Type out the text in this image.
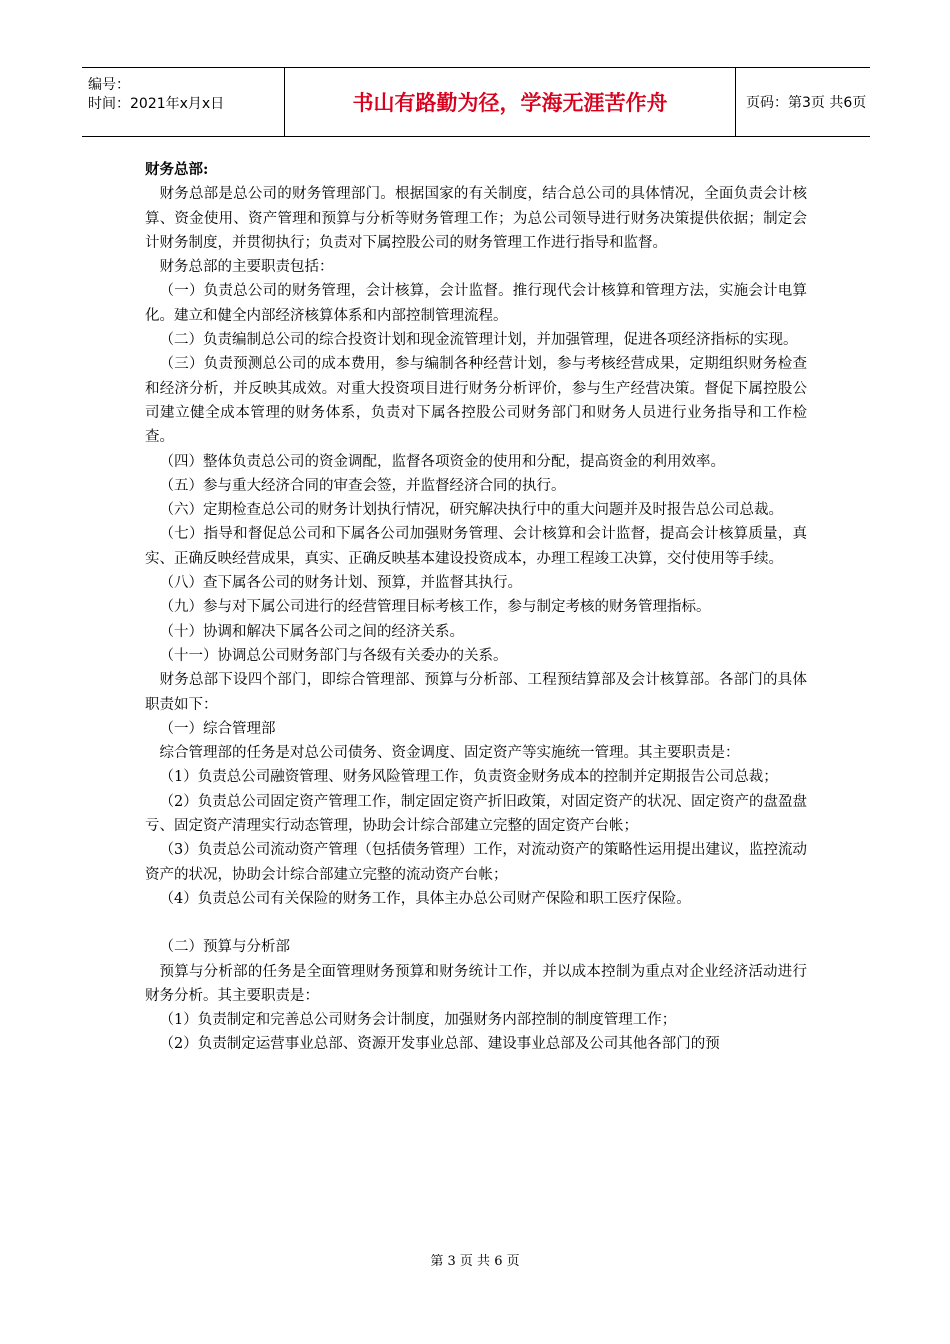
编号：
时间：2021年x月x日	书山有路勤为径，学海无涯苦作舟	页码：第3页 共6页

财务总部:

财务总部是总公司的财务管理部门。根据国家的有关制度，结合总公司的具体情况，全面负责会计核算、资金使用、资产管理和预算与分析等财务管理工作；为总公司领导进行财务决策提供依据；制定会计财务制度，并贯彻执行；负责对下属控股公司的财务管理工作进行指导和监督。

财务总部的主要职责包括：

（一）负责总公司的财务管理，会计核算，会计监督。推行现代会计核算和管理方法，实施会计电算化。建立和健全内部经济核算体系和内部控制管理流程。

（二）负责编制总公司的综合投资计划和现金流管理计划，并加强管理，促进各项经济指标的实现。

（三）负责预测总公司的成本费用，参与编制各种经营计划，参与考核经营成果，定期组织财务检查和经济分析，并反映其成效。对重大投资项目进行财务分析评价，参与生产经营决策。督促下属控股公司建立健全成本管理的财务体系，负责对下属各控股公司财务部门和财务人员进行业务指导和工作检查。

（四）整体负责总公司的资金调配，监督各项资金的使用和分配，提高资金的利用效率。

（五）参与重大经济合同的审查会签，并监督经济合同的执行。

（六）定期检查总公司的财务计划执行情况，研究解决执行中的重大问题并及时报告总公司总裁。

（七）指导和督促总公司和下属各公司加强财务管理、会计核算和会计监督，提高会计核算质量，真实、正确反映经营成果，真实、正确反映基本建设投资成本，办理工程竣工决算，交付使用等手续。

（八）查下属各公司的财务计划、预算，并监督其执行。

（九）参与对下属公司进行的经营管理目标考核工作，参与制定考核的财务管理指标。

（十）协调和解决下属各公司之间的经济关系。

（十一）协调总公司财务部门与各级有关委办的关系。

财务总部下设四个部门，即综合管理部、预算与分析部、工程预结算部及会计核算部。各部门的具体职责如下：

（一）综合管理部

综合管理部的任务是对总公司债务、资金调度、固定资产等实施统一管理。其主要职责是：

（1）负责总公司融资管理、财务风险管理工作，负责资金财务成本的控制并定期报告公司总裁；

（2）负责总公司固定资产管理工作，制定固定资产折旧政策，对固定资产的状况、固定资产的盘盈盘亏、固定资产清理实行动态管理，协助会计综合部建立完整的固定资产台帐；

（3）负责总公司流动资产管理（包括债务管理）工作，对流动资产的策略性运用提出建议，监控流动资产的状况，协助会计综合部建立完整的流动资产台帐；

（4）负责总公司有关保险的财务工作，具体主办总公司财产保险和职工医疗保险。

（二）预算与分析部

预算与分析部的任务是全面管理财务预算和财务统计工作，并以成本控制为重点对企业经济活动进行财务分析。其主要职责是：

（1）负责制定和完善总公司财务会计制度，加强财务内部控制的制度管理工作；

（2）负责制定运营事业总部、资源开发事业总部、建设事业总部及公司其他各部门的预

第 3 页 共 6 页
